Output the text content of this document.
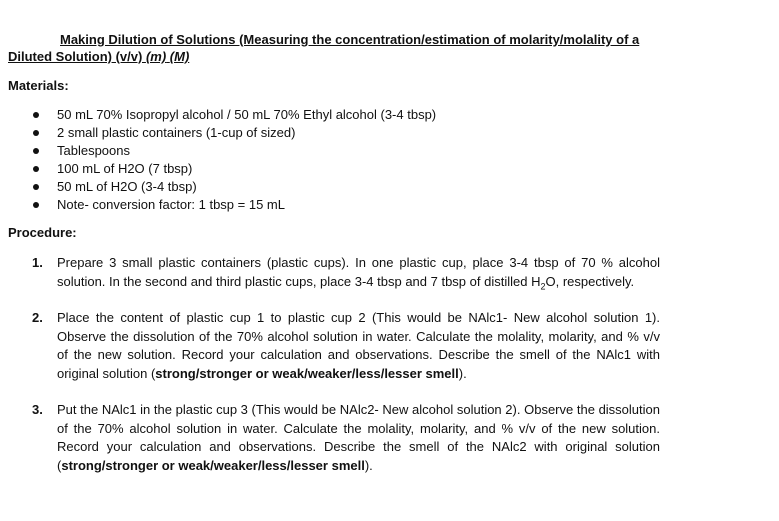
Making Dilution of Solutions (Measuring the concentration/estimation of molarity/molality of a Diluted Solution) (v/v) (m) (M)
Materials:
50 mL 70% Isopropyl alcohol / 50 mL 70% Ethyl alcohol (3-4 tbsp)
2 small plastic containers (1-cup of sized)
Tablespoons
100 mL of H2O (7 tbsp)
50 mL of H2O (3-4 tbsp)
Note- conversion factor: 1 tbsp = 15 mL
Procedure:
1. Prepare 3 small plastic containers (plastic cups). In one plastic cup, place 3-4 tbsp of 70 % alcohol solution. In the second and third plastic cups, place 3-4 tbsp and 7 tbsp of distilled $H_2O$, respectively.
2. Place the content of plastic cup 1 to plastic cup 2 (This would be NAlc1- New alcohol solution 1). Observe the dissolution of the 70% alcohol solution in water. Calculate the molality, molarity, and % v/v of the new solution. Record your calculation and observations. Describe the smell of the NAlc1 with original solution (strong/stronger or weak/weaker/less/lesser smell).
3. Put the NAlc1 in the plastic cup 3 (This would be NAlc2- New alcohol solution 2). Observe the dissolution of the 70% alcohol solution in water. Calculate the molality, molarity, and % v/v of the new solution. Record your calculation and observations. Describe the smell of the NAlc2 with original solution (strong/stronger or weak/weaker/less/lesser smell).
